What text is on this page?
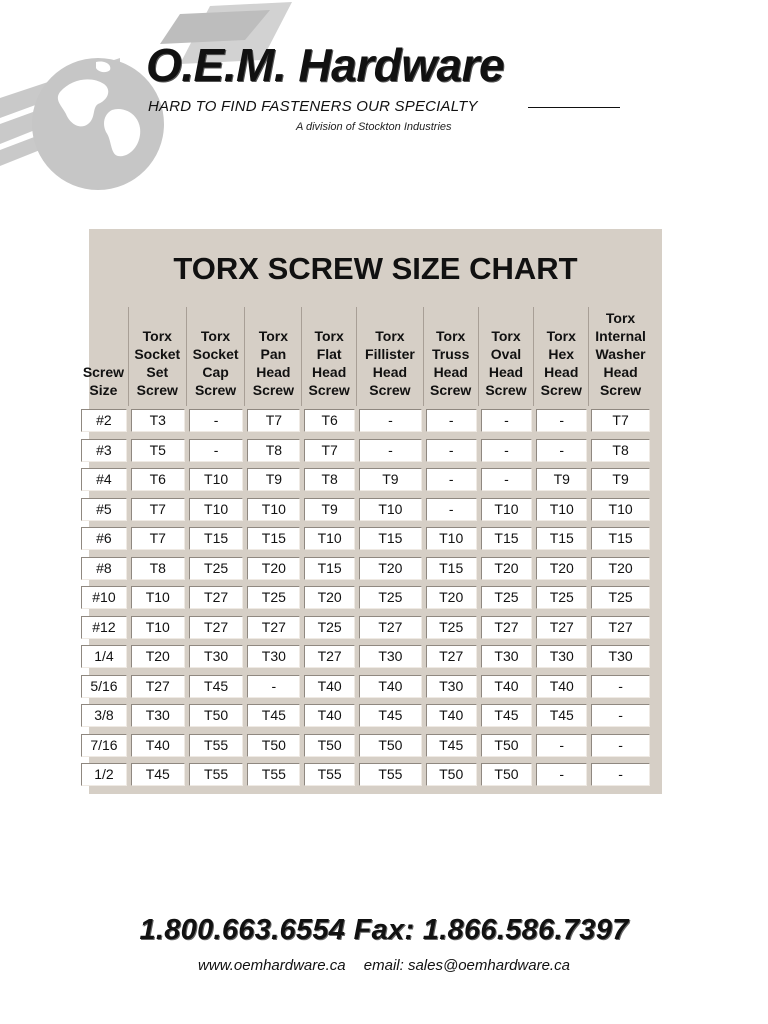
O.E.M. Hardware
HARD TO FIND FASTENERS OUR SPECIALTY
A division of Stockton Industries
TORX SCREW SIZE CHART
Screw Size	Torx Socket Set Screw	Torx Socket Cap Screw	Torx Pan Head Screw	Torx Flat Head Screw	Torx Fillister Head Screw	Torx Truss Head Screw	Torx Oval Head Screw	Torx Hex Head Screw	Torx Internal Washer Head Screw

#2	T3	-	T7	T6	-	-	-	-	T7

#3	T5	-	T8	T7	-	-	-	-	T8

#4	T6	T10	T9	T8	T9	-	-	T9	T9

#5	T7	T10	T10	T9	T10	-	T10	T10	T10

#6	T7	T15	T15	T10	T15	T10	T15	T15	T15

#8	T8	T25	T20	T15	T20	T15	T20	T20	T20

#10	T10	T27	T25	T20	T25	T20	T25	T25	T25

#12	T10	T27	T27	T25	T27	T25	T27	T27	T27

1/4	T20	T30	T30	T27	T30	T27	T30	T30	T30

5/16	T27	T45	-	T40	T40	T30	T40	T40	-

3/8	T30	T50	T45	T40	T45	T40	T45	T45	-

7/16	T40	T55	T50	T50	T50	T45	T50	-	-

1/2	T45	T55	T55	T55	T55	T50	T50	-	-
1.800.663.6554 Fax: 1.866.586.7397
www.oemhardware.ca email: sales@oemhardware.ca
